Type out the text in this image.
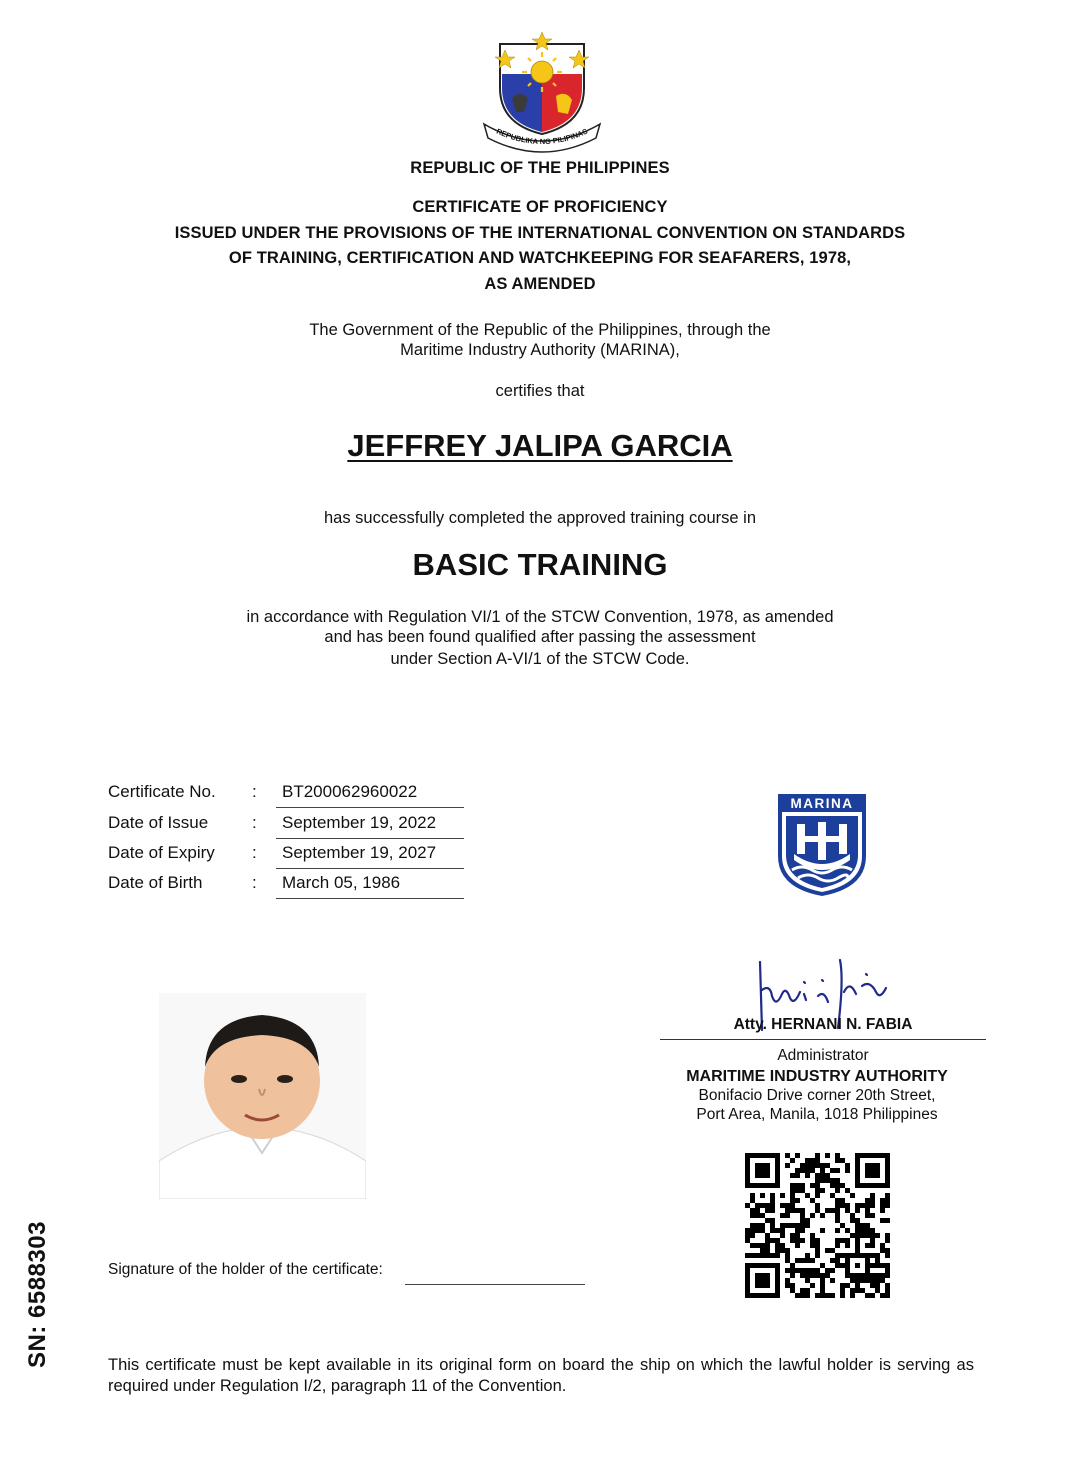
REPUBLIKA NG PILIPINAS
REPUBLIC OF THE PHILIPPINES
CERTIFICATE OF PROFICIENCY
ISSUED UNDER THE PROVISIONS OF THE INTERNATIONAL CONVENTION ON STANDARDS
OF TRAINING, CERTIFICATION AND WATCHKEEPING FOR SEAFARERS, 1978,
AS AMENDED
The Government of the Republic of the Philippines, through the
Maritime Industry Authority (MARINA),
certifies that
JEFFREY JALIPA GARCIA
has successfully completed the approved training course in
BASIC TRAINING
in accordance with Regulation VI/1 of the STCW Convention, 1978, as amended
and has been found qualified after passing the assessment
under Section A-VI/1 of the STCW Code.
Certificate No. :	BT200062960022
Date of Issue	:	September 19, 2022
Date of Expiry :	September 19, 2027
Date of Birth	:	March 05, 1986
MARINA
Atty. HERNANI N. FABIA
Administrator
MARITIME INDUSTRY AUTHORITY
Bonifacio Drive corner 20th Street,
Port Area, Manila, 1018 Philippines
SN: 6588303	Signature of the holder of the certificate:
This certificate must be kept available in its original form on board the ship on which the lawful holder is serving as required under Regulation I/2, paragraph 11 of the Convention.
